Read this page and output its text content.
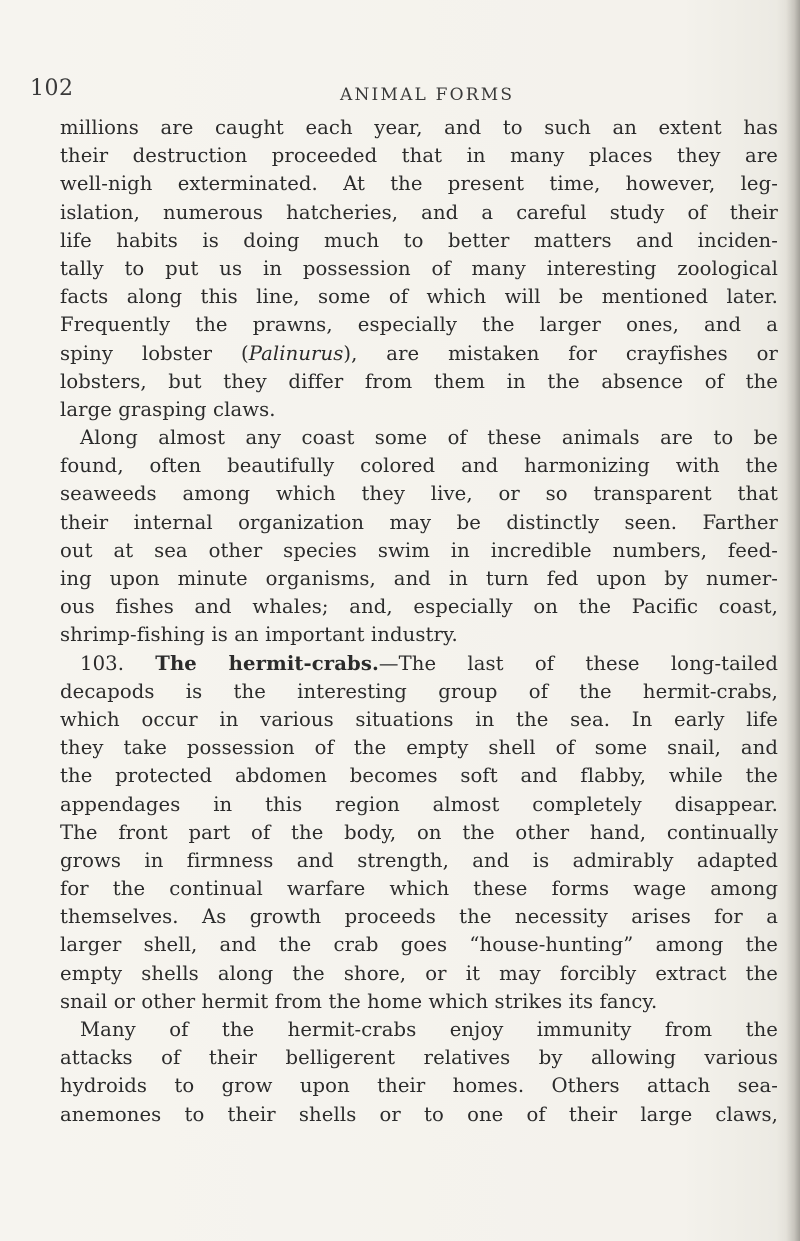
102	ANIMAL FORMS
millions are caught each year, and to such an extent has
their destruction proceeded that in many places they are
well-nigh exterminated. At the present time, however, leg-
islation, numerous hatcheries, and a careful study of their
life habits is doing much to better matters and inciden-
tally to put us in possession of many interesting zoological
facts along this line, some of which will be mentioned later.
Frequently the prawns, especially the larger ones, and a
spiny lobster (Palinurus), are mistaken for crayfishes or
lobsters, but they differ from them in the absence of the
large grasping claws.
Along almost any coast some of these animals are to be
found, often beautifully colored and harmonizing with the
seaweeds among which they live, or so transparent that
their internal organization may be distinctly seen. Farther
out at sea other species swim in incredible numbers, feed-
ing upon minute organisms, and in turn fed upon by numer-
ous fishes and whales; and, especially on the Pacific coast,
shrimp-fishing is an important industry.
103. The hermit-crabs.—The last of these long-tailed
decapods is the interesting group of the hermit-crabs,
which occur in various situations in the sea. In early life
they take possession of the empty shell of some snail, and
the protected abdomen becomes soft and flabby, while the
appendages in this region almost completely disappear.
The front part of the body, on the other hand, continually
grows in firmness and strength, and is admirably adapted
for the continual warfare which these forms wage among
themselves. As growth proceeds the necessity arises for a
larger shell, and the crab goes “house-hunting” among the
empty shells along the shore, or it may forcibly extract the
snail or other hermit from the home which strikes its fancy.
Many of the hermit-crabs enjoy immunity from the
attacks of their belligerent relatives by allowing various
hydroids to grow upon their homes. Others attach sea-
anemones to their shells or to one of their large claws,
